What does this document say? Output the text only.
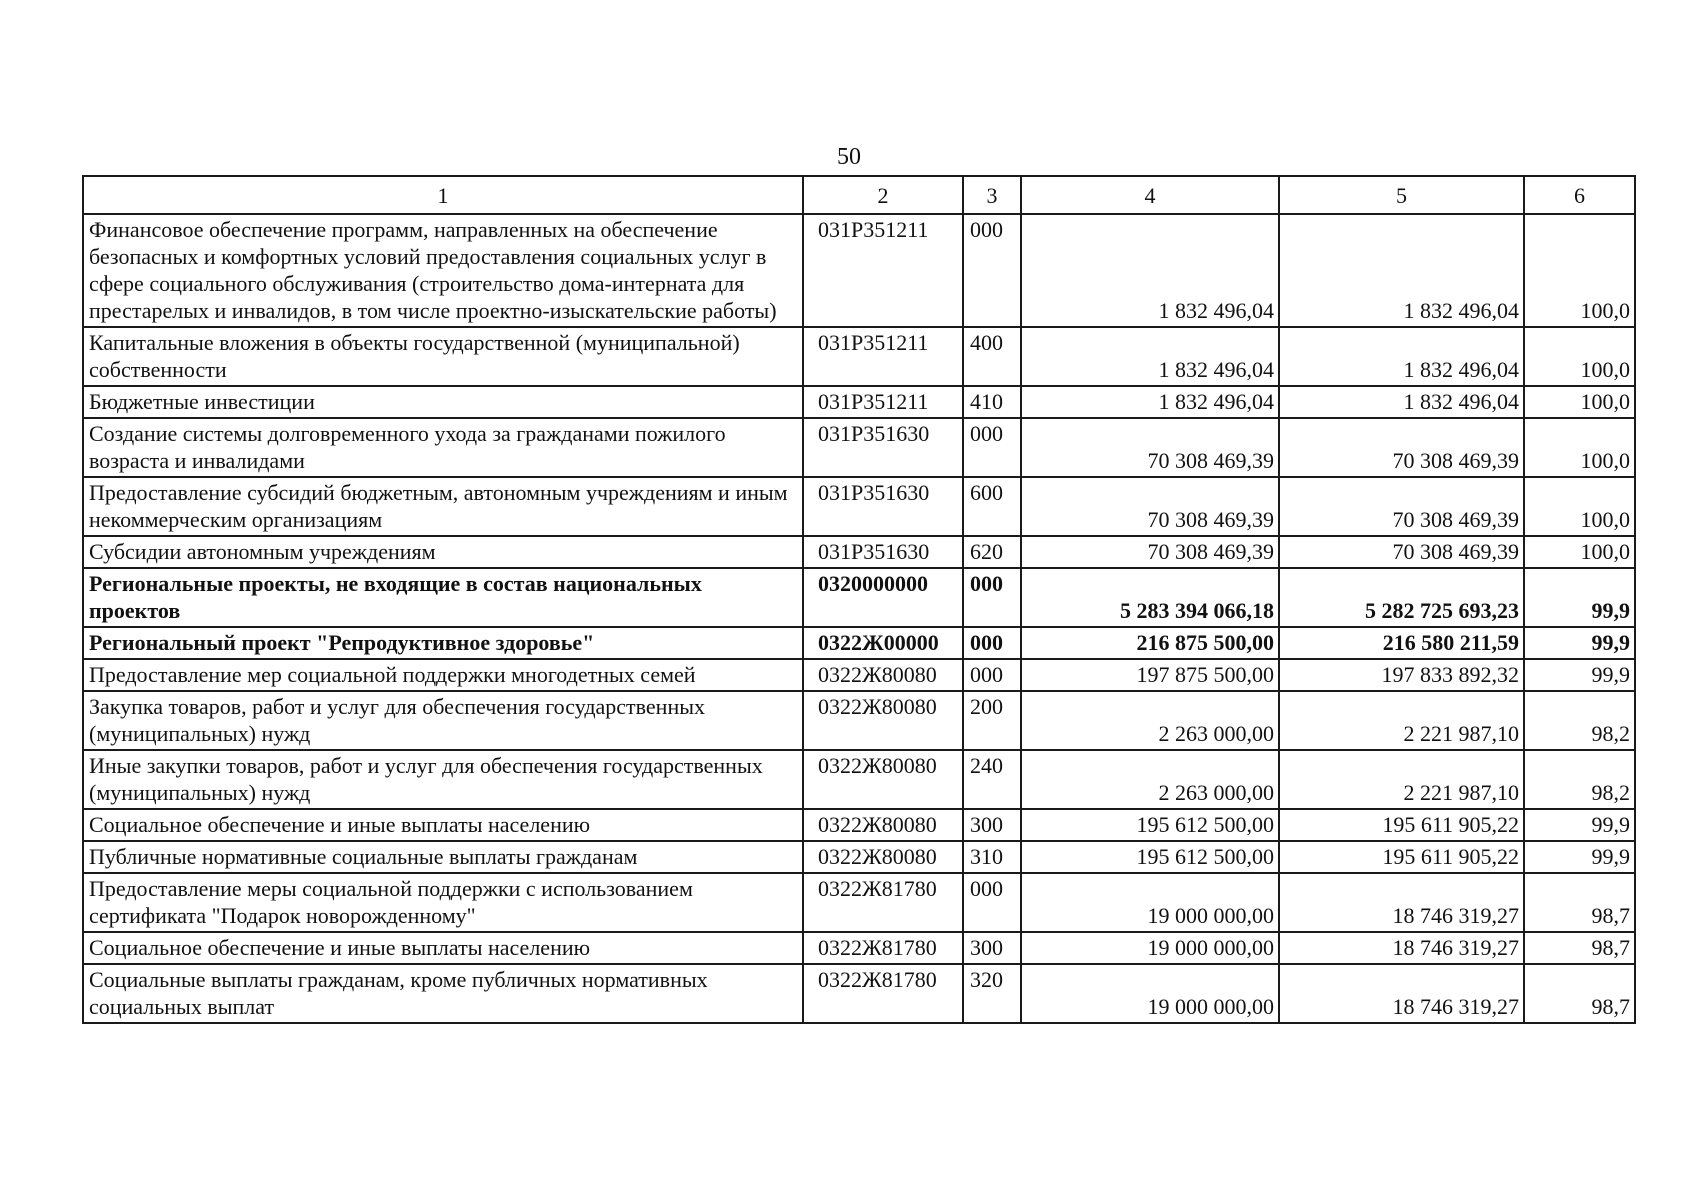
50
1	2	3	4	5	6
Финансовое обеспечение программ, направленных на обеспечение безопасных и комфортных условий предоставления социальных услуг в сфере социального обслуживания (строительство дома-интерната для престарелых и инвалидов, в том числе проектно-изыскательские работы)	031P351211	000	1 832 496,04	1 832 496,04	100,0
Капитальные вложения в объекты государственной (муниципальной) собственности	031P351211	400	1 832 496,04	1 832 496,04	100,0
Бюджетные инвестиции	031P351211	410	1 832 496,04	1 832 496,04	100,0
Создание системы долговременного ухода за гражданами пожилого возраста и инвалидами	031P351630	000	70 308 469,39	70 308 469,39	100,0
Предоставление субсидий бюджетным, автономным учреждениям и иным некоммерческим организациям	031P351630	600	70 308 469,39	70 308 469,39	100,0
Субсидии автономным учреждениям	031P351630	620	70 308 469,39	70 308 469,39	100,0
Региональные проекты, не входящие в состав национальных проектов	0320000000	000	5 283 394 066,18	5 282 725 693,23	99,9
Региональный проект "Репродуктивное здоровье"	0322Ж00000	000	216 875 500,00	216 580 211,59	99,9
Предоставление мер социальной поддержки многодетных семей	0322Ж80080	000	197 875 500,00	197 833 892,32	99,9
Закупка товаров, работ и услуг для обеспечения государственных (муниципальных) нужд	0322Ж80080	200	2 263 000,00	2 221 987,10	98,2
Иные закупки товаров, работ и услуг для обеспечения государственных (муниципальных) нужд	0322Ж80080	240	2 263 000,00	2 221 987,10	98,2
Социальное обеспечение и иные выплаты населению	0322Ж80080	300	195 612 500,00	195 611 905,22	99,9
Публичные нормативные социальные выплаты гражданам	0322Ж80080	310	195 612 500,00	195 611 905,22	99,9
Предоставление меры социальной поддержки с использованием сертификата "Подарок новорожденному"	0322Ж81780	000	19 000 000,00	18 746 319,27	98,7
Социальное обеспечение и иные выплаты населению	0322Ж81780	300	19 000 000,00	18 746 319,27	98,7
Социальные выплаты гражданам, кроме публичных нормативных социальных выплат	0322Ж81780	320	19 000 000,00	18 746 319,27	98,7
